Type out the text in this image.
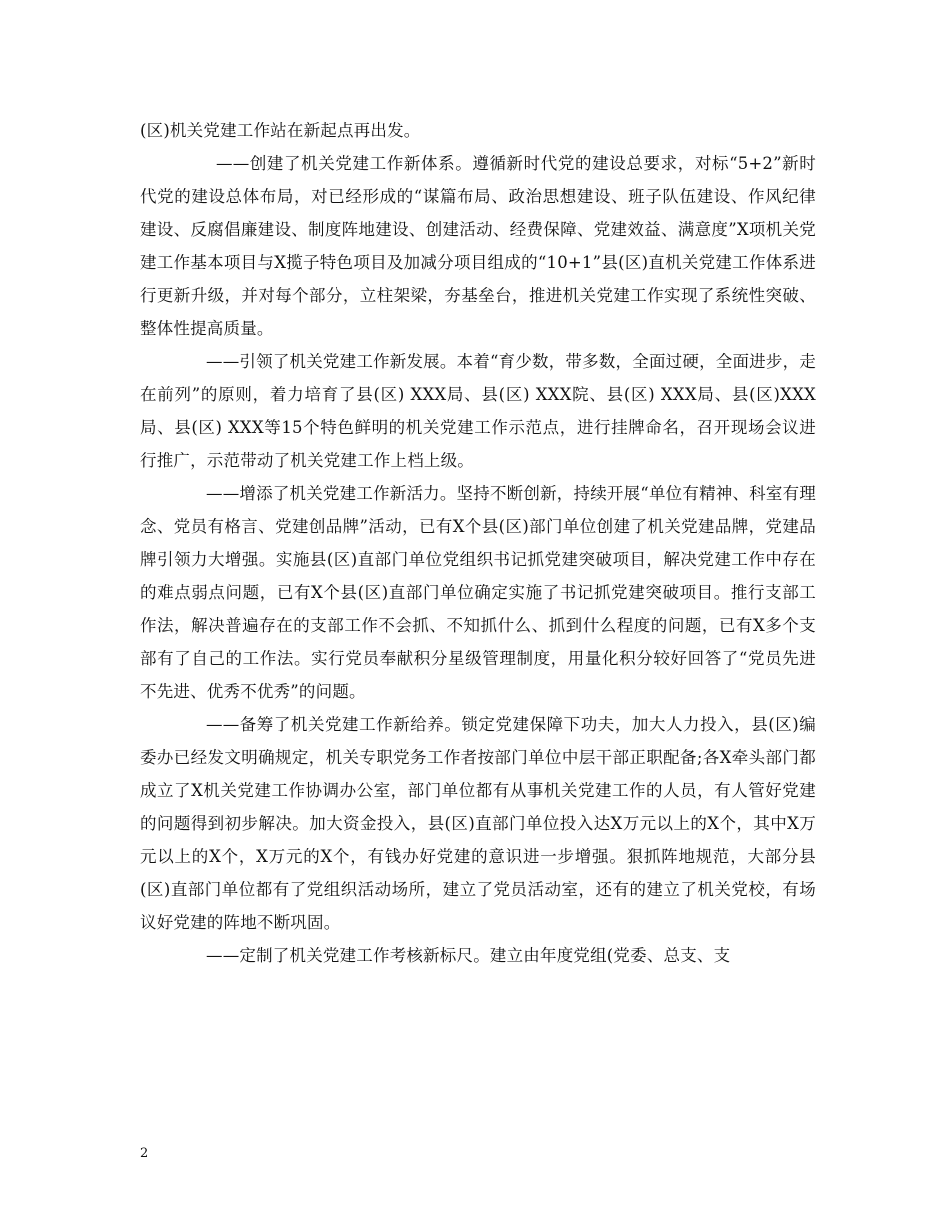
(区)机关党建工作站在新起点再出发。

——创建了机关党建工作新体系。遵循新时代党的建设总要求，对标“5+2”新时代党的建设总体布局，对已经形成的“谋篇布局、政治思想建设、班子队伍建设、作风纪律建设、反腐倡廉建设、制度阵地建设、创建活动、经费保障、党建效益、满意度”X项机关党建工作基本项目与X揽子特色项目及加减分项目组成的“10+1”县(区)直机关党建工作体系进行更新升级，并对每个部分，立柱架梁，夯基垒台，推进机关党建工作实现了系统性突破、整体性提高质量。

——引领了机关党建工作新发展。本着“育少数，带多数，全面过硬，全面进步，走在前列”的原则，着力培育了县(区) XXX局、县(区) XXX院、县(区) XXX局、县(区)XXX局、县(区) XXX等15个特色鲜明的机关党建工作示范点，进行挂牌命名，召开现场会议进行推广，示范带动了机关党建工作上档上级。

——增添了机关党建工作新活力。坚持不断创新，持续开展“单位有精神、科室有理念、党员有格言、党建创品牌”活动，已有X个县(区)部门单位创建了机关党建品牌，党建品牌引领力大增强。实施县(区)直部门单位党组织书记抓党建突破项目，解决党建工作中存在的难点弱点问题，已有X个县(区)直部门单位确定实施了书记抓党建突破项目。推行支部工作法，解决普遍存在的支部工作不会抓、不知抓什么、抓到什么程度的问题，已有X多个支部有了自己的工作法。实行党员奉献积分星级管理制度，用量化积分较好回答了“党员先进不先进、优秀不优秀”的问题。

——备筹了机关党建工作新给养。锁定党建保障下功夫，加大人力投入，县(区)编委办已经发文明确规定，机关专职党务工作者按部门单位中层干部正职配备;各X牵头部门都成立了X机关党建工作协调办公室，部门单位都有从事机关党建工作的人员，有人管好党建的问题得到初步解决。加大资金投入，县(区)直部门单位投入达X万元以上的X个，其中X万元以上的X个，X万元的X个，有钱办好党建的意识进一步增强。狠抓阵地规范，大部分县(区)直部门单位都有了党组织活动场所，建立了党员活动室，还有的建立了机关党校，有场议好党建的阵地不断巩固。

——定制了机关党建工作考核新标尺。建立由年度党组(党委、总支、支

2
